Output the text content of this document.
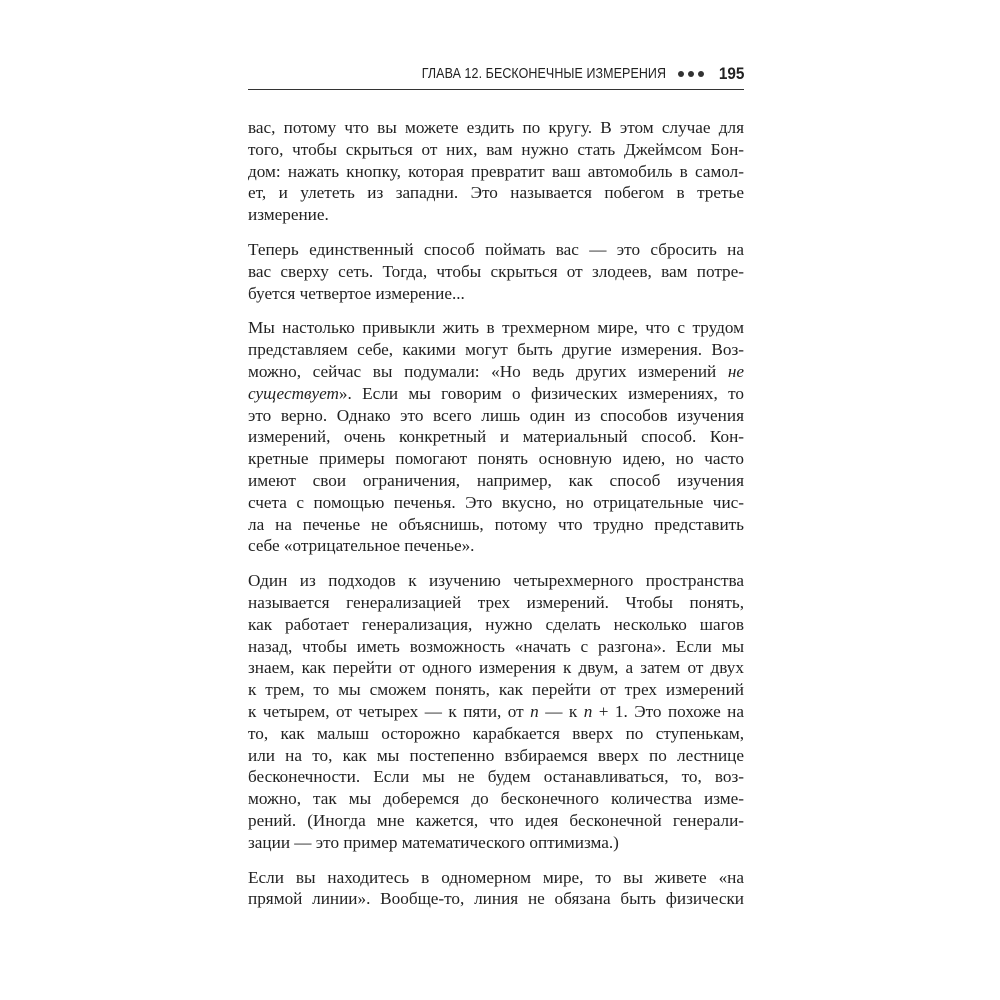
ГЛАВА 12. БЕСКОНЕЧНЫЕ ИЗМЕРЕНИЯ	195
вас, потому что вы можете ездить по кругу. В этом случае для
того, чтобы скрыться от них, вам нужно стать Джеймсом Бон-
дом: нажать кнопку, которая превратит ваш автомобиль в самол-
ет, и улететь из западни. Это называется побегом в третье
измерение.
Теперь единственный способ поймать вас — это сбросить на
вас сверху сеть. Тогда, чтобы скрыться от злодеев, вам потре-
буется четвертое измерение...
Мы настолько привыкли жить в трехмерном мире, что с трудом
представляем себе, какими могут быть другие измерения. Воз-
можно, сейчас вы подумали: «Но ведь других измерений не
существует». Если мы говорим о физических измерениях, то
это верно. Однако это всего лишь один из способов изучения
измерений, очень конкретный и материальный способ. Кон-
кретные примеры помогают понять основную идею, но часто
имеют свои ограничения, например, как способ изучения
счета с помощью печенья. Это вкусно, но отрицательные чис-
ла на печенье не объяснишь, потому что трудно представить
себе «отрицательное печенье».
Один из подходов к изучению четырехмерного пространства
называется генерализацией трех измерений. Чтобы понять,
как работает генерализация, нужно сделать несколько шагов
назад, чтобы иметь возможность «начать с разгона». Если мы
знаем, как перейти от одного измерения к двум, а затем от двух
к трем, то мы сможем понять, как перейти от трех измерений
к четырем, от четырех — к пяти, от n — к n + 1. Это похоже на
то, как малыш осторожно карабкается вверх по ступенькам,
или на то, как мы постепенно взбираемся вверх по лестнице
бесконечности. Если мы не будем останавливаться, то, воз-
можно, так мы доберемся до бесконечного количества изме-
рений. (Иногда мне кажется, что идея бесконечной генерали-
зации — это пример математического оптимизма.)
Если вы находитесь в одномерном мире, то вы живете «на
прямой линии». Вообще-то, линия не обязана быть физически
